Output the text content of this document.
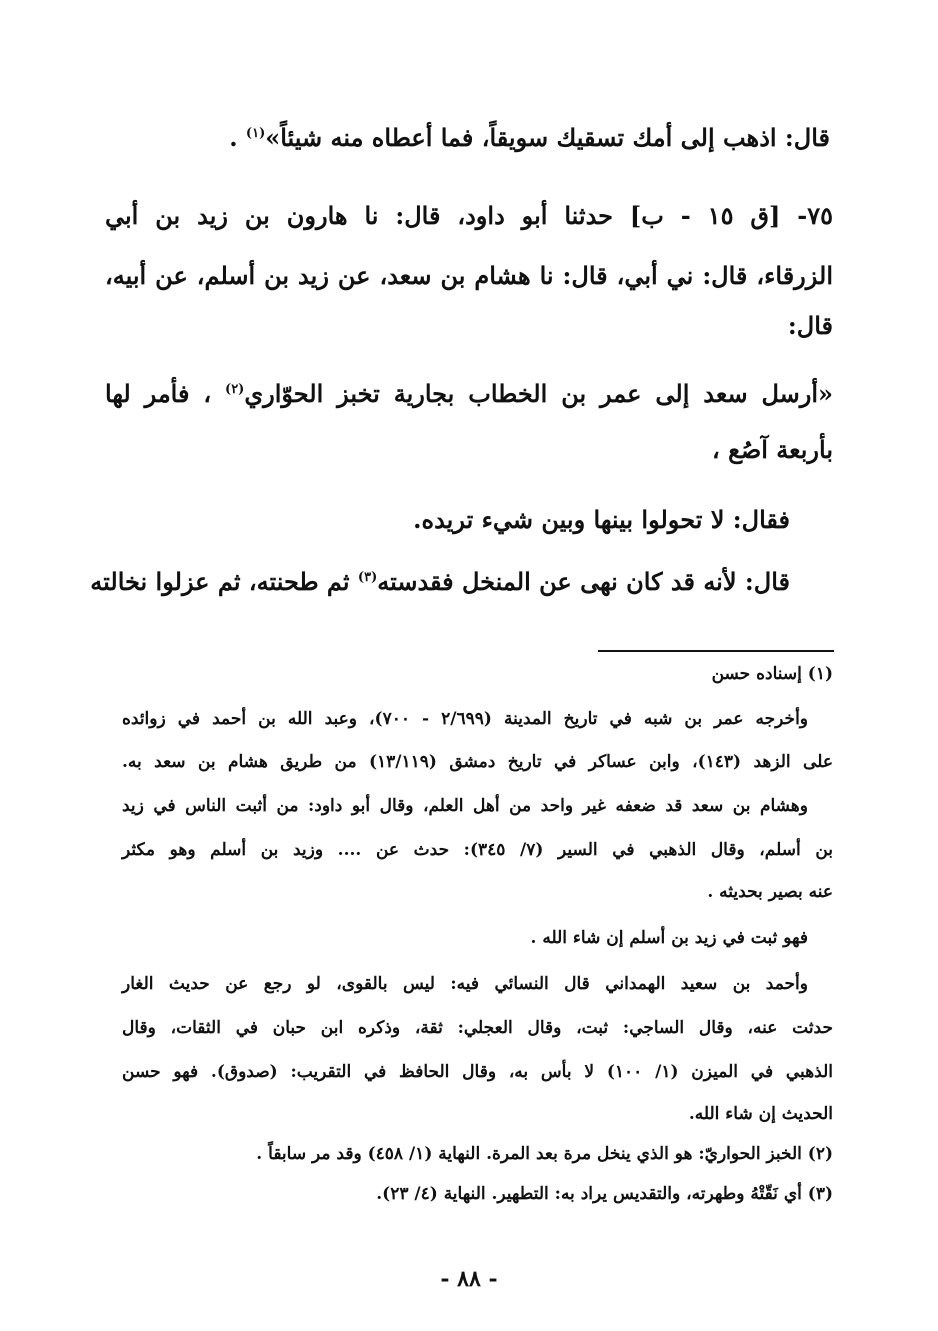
قال: اذهب إلى أمك تسقيك سويقاً، فما أعطاه منه شيئاً»$^{(١)}$ .
٧٥- [ق ١٥ - ب] حدثنا أبو داود، قال: نا هارون بن زيد بن أبي
الزرقاء، قال: ني أبي، قال: نا هشام بن سعد، عن زيد بن أسلم، عن أبيه،
قال:
«أرسل سعد إلى عمر بن الخطاب بجارية تخبز الحوّاري$^{(٢)}$ ، فأمر لها
بأربعة آصُع ،
فقال: لا تحولوا بينها وبين شيء تريده.
قال: لأنه قد كان نهى عن المنخل فقدسته$^{(٣)}$ ثم طحنته، ثم عزلوا نخالته
(١) إسناده حسن
وأخرجه عمر بن شبه في تاريخ المدينة (٢/٦٩٩ - ٧٠٠)، وعبد الله بن أحمد في زوائده
على الزهد (١٤٣)، وابن عساكر في تاريخ دمشق (١٣/١١٩) من طريق هشام بن سعد به.
وهشام بن سعد قد ضعفه غير واحد من أهل العلم، وقال أبو داود: من أثبت الناس في زيد
بن أسلم، وقال الذهبي في السير (٧/ ٣٤٥): حدث عن .... وزيد بن أسلم وهو مكثر
عنه بصير بحديثه .
فهو ثبت في زيد بن أسلم إن شاء الله .
وأحمد بن سعيد الهمداني قال النسائي فيه: ليس بالقوى، لو رجع عن حديث الغار
حدثت عنه، وقال الساجي: ثبت، وقال العجلي: ثقة، وذكره ابن حبان في الثقات، وقال
الذهبي في الميزن (١/ ١٠٠) لا بأس به، وقال الحافظ في التقريب: (صدوق). فهو حسن
الحديث إن شاء الله.
(٢) الخبز الحواريّ: هو الذي ينخل مرة بعد المرة. النهاية (١/ ٤٥٨) وقد مر سابقاً .
(٣) أي نَقّتْهُ وطهرته، والتقديس يراد به: التطهير. النهاية (٤/ ٢٣).
- ٨٨ -
